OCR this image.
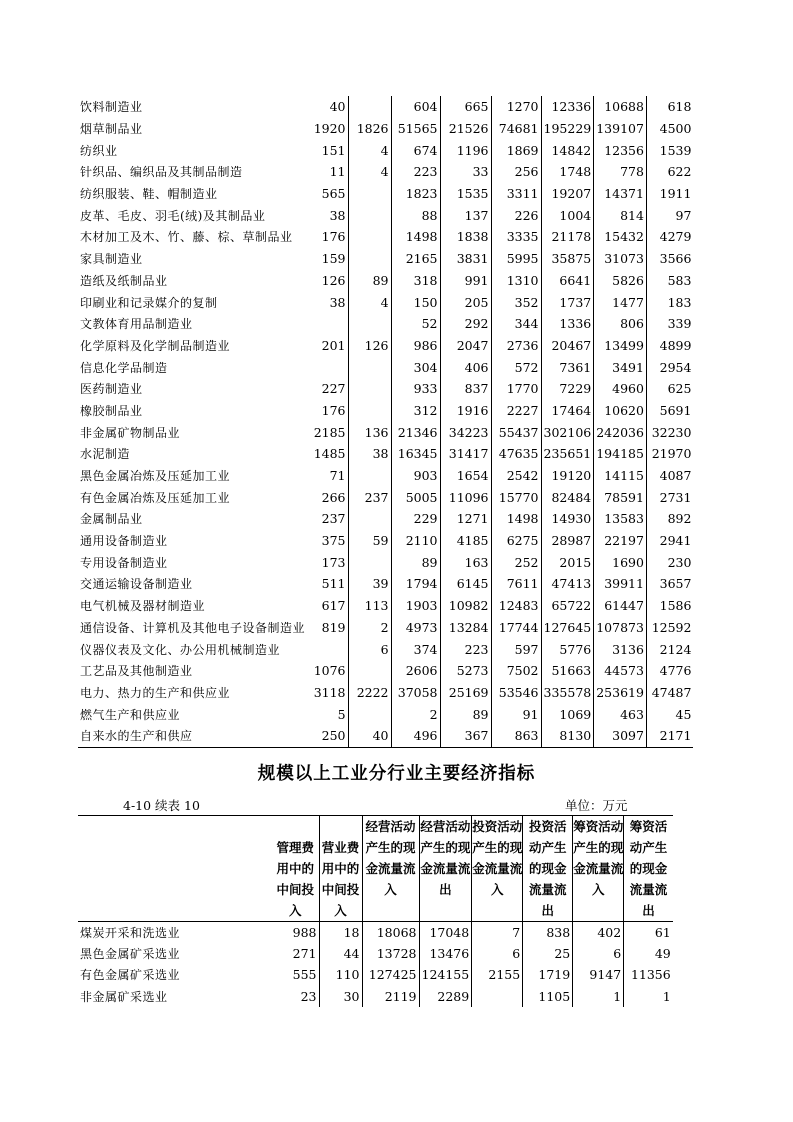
饮料制造业	40		604	665	1270	12336	10688	618
烟草制品业	1920	1826	51565	21526	74681	195229	139107	4500
纺织业	151	4	674	1196	1869	14842	12356	1539
针织品、编织品及其制品制造	11	4	223	33	256	1748	778	622
纺织服装、鞋、帽制造业	565		1823	1535	3311	19207	14371	1911
皮革、毛皮、羽毛(绒)及其制品业	38		88	137	226	1004	814	97
木材加工及木、竹、藤、棕、草制品业	176		1498	1838	3335	21178	15432	4279
家具制造业	159		2165	3831	5995	35875	31073	3566
造纸及纸制品业	126	89	318	991	1310	6641	5826	583
印刷业和记录媒介的复制	38	4	150	205	352	1737	1477	183
文教体育用品制造业			52	292	344	1336	806	339
化学原料及化学制品制造业	201	126	986	2047	2736	20467	13499	4899
信息化学品制造			304	406	572	7361	3491	2954
医药制造业	227		933	837	1770	7229	4960	625
橡胶制品业	176		312	1916	2227	17464	10620	5691
非金属矿物制品业	2185	136	21346	34223	55437	302106	242036	32230
水泥制造	1485	38	16345	31417	47635	235651	194185	21970
黑色金属冶炼及压延加工业	71		903	1654	2542	19120	14115	4087
有色金属冶炼及压延加工业	266	237	5005	11096	15770	82484	78591	2731
金属制品业	237		229	1271	1498	14930	13583	892
通用设备制造业	375	59	2110	4185	6275	28987	22197	2941
专用设备制造业	173		89	163	252	2015	1690	230
交通运输设备制造业	511	39	1794	6145	7611	47413	39911	3657
电气机械及器材制造业	617	113	1903	10982	12483	65722	61447	1586
通信设备、计算机及其他电子设备制造业	819	2	4973	13284	17744	127645	107873	12592
仪器仪表及文化、办公用机械制造业		6	374	223	597	5776	3136	2124
工艺品及其他制造业	1076		2606	5273	7502	51663	44573	4776
电力、热力的生产和供应业	3118	2222	37058	25169	53546	335578	253619	47487
燃气生产和供应业	5		2	89	91	1069	463	45
自来水的生产和供应	250	40	496	367	863	8130	3097	2171
规模以上工业分行业主要经济指标
4-10 续表 10	单位：万元

	管理费用中的中间投入	营业费用中的中间投入	经营活动产生的现金流量流入	经营活动产生的现金流量流出	投资活动产生的现金流量流入	投资活动产生的现金流量流出	筹资活动产生的现金流量流入	筹资活动产生的现金流量流出

煤炭开采和洗选业	988	18	18068	17048	7	838	402	61
黑色金属矿采选业	271	44	13728	13476	6	25	6	49
有色金属矿采选业	555	110	127425	124155	2155	1719	9147	11356
非金属矿采选业	23	30	2119	2289		1105	1	1
